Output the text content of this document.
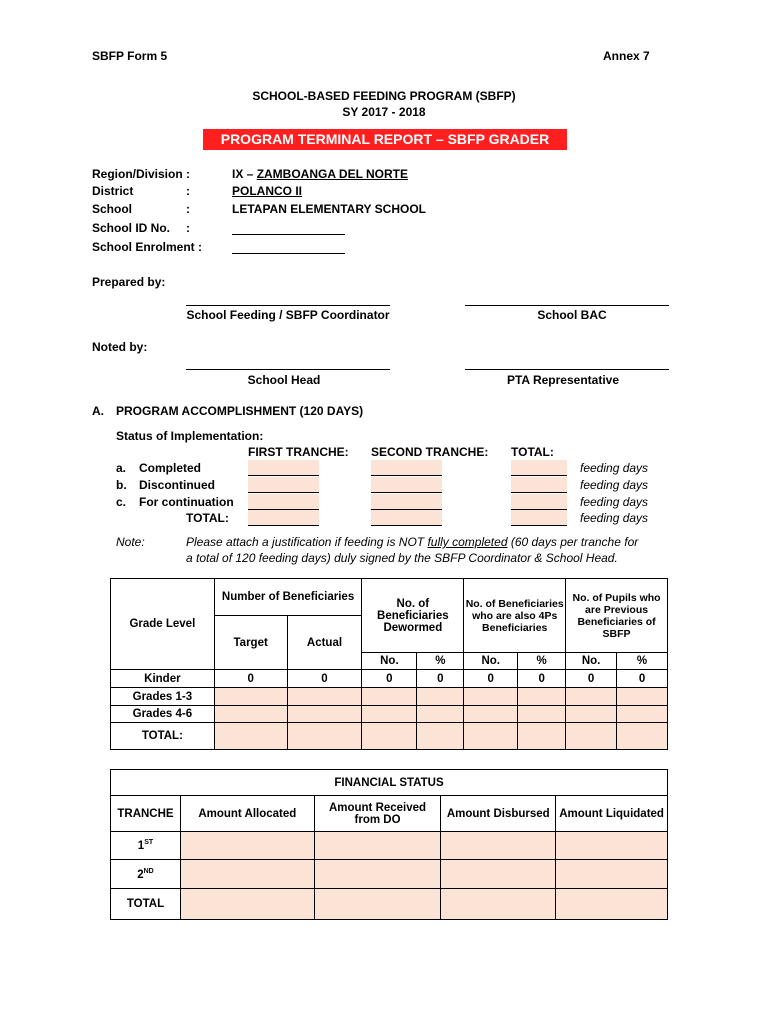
SBFP Form 5	Annex 7
SCHOOL-BASED FEEDING PROGRAM (SBFP)
SY 2017 - 2018
PROGRAM TERMINAL REPORT – SBFP GRADER
Region/Division :	IX – ZAMBOANGA DEL NORTE
District	:	POLANCO II
School	:	LETAPAN ELEMENTARY SCHOOL
School ID No. :
School Enrolment :
Prepared by:
School Feeding / SBFP Coordinator	School BAC
Noted by:
School Head	PTA Representative
A. PROGRAM ACCOMPLISHMENT (120 DAYS)
Status of Implementation:
FIRST TRANCHE: SECOND TRANCHE: TOTAL:
a. Completed	feeding days
b. Discontinued	feeding days
c. For continuation	feeding days
TOTAL:	feeding days
Note:	Please attach a justification if feeding is NOT fully completed (60 days per tranche for
a total of 120 feeding days) duly signed by the SBFP Coordinator & School Head.
Grade Level	Number of Beneficiaries		No. of Beneficiaries Dewormed		No. of Beneficiaries who are also 4Ps Beneficiaries		No. of Pupils who are Previous Beneficiaries of SBFP	
	Target	Actual						
			No.	%	No.	%	No.	%
Kinder	0	0	0	0	0	0	0	0
Grades 1-3								
Grades 4-6								
TOTAL:								
FINANCIAL STATUS				
TRANCHE	Amount Allocated	Amount Received from DO	Amount Disbursed	Amount Liquidated
1ST				
2ND				
TOTAL				
